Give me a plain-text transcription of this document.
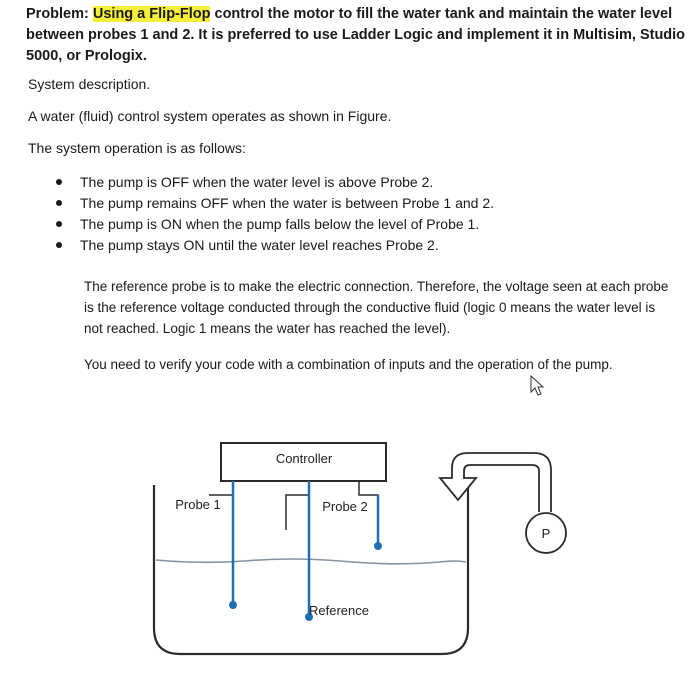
Problem: Using a Flip-Flop control the motor to fill the water tank and maintain the water level between probes 1 and 2. It is preferred to use Ladder Logic and implement it in Multisim, Studio 5000, or Prologix.
System description.
A water (fluid) control system operates as shown in Figure.
The system operation is as follows:
The pump is OFF when the water level is above Probe 2.
The pump remains OFF when the water is between Probe 1 and 2.
The pump is ON when the pump falls below the level of Probe 1.
The pump stays ON until the water level reaches Probe 2.
The reference probe is to make the electric connection. Therefore, the voltage seen at each probe is the reference voltage conducted through the conductive fluid (logic 0 means the water level is not reached. Logic 1 means the water has reached the level).
You need to verify your code with a combination of inputs and the operation of the pump.
Controller
Probe 1	Probe 2
Reference
P
